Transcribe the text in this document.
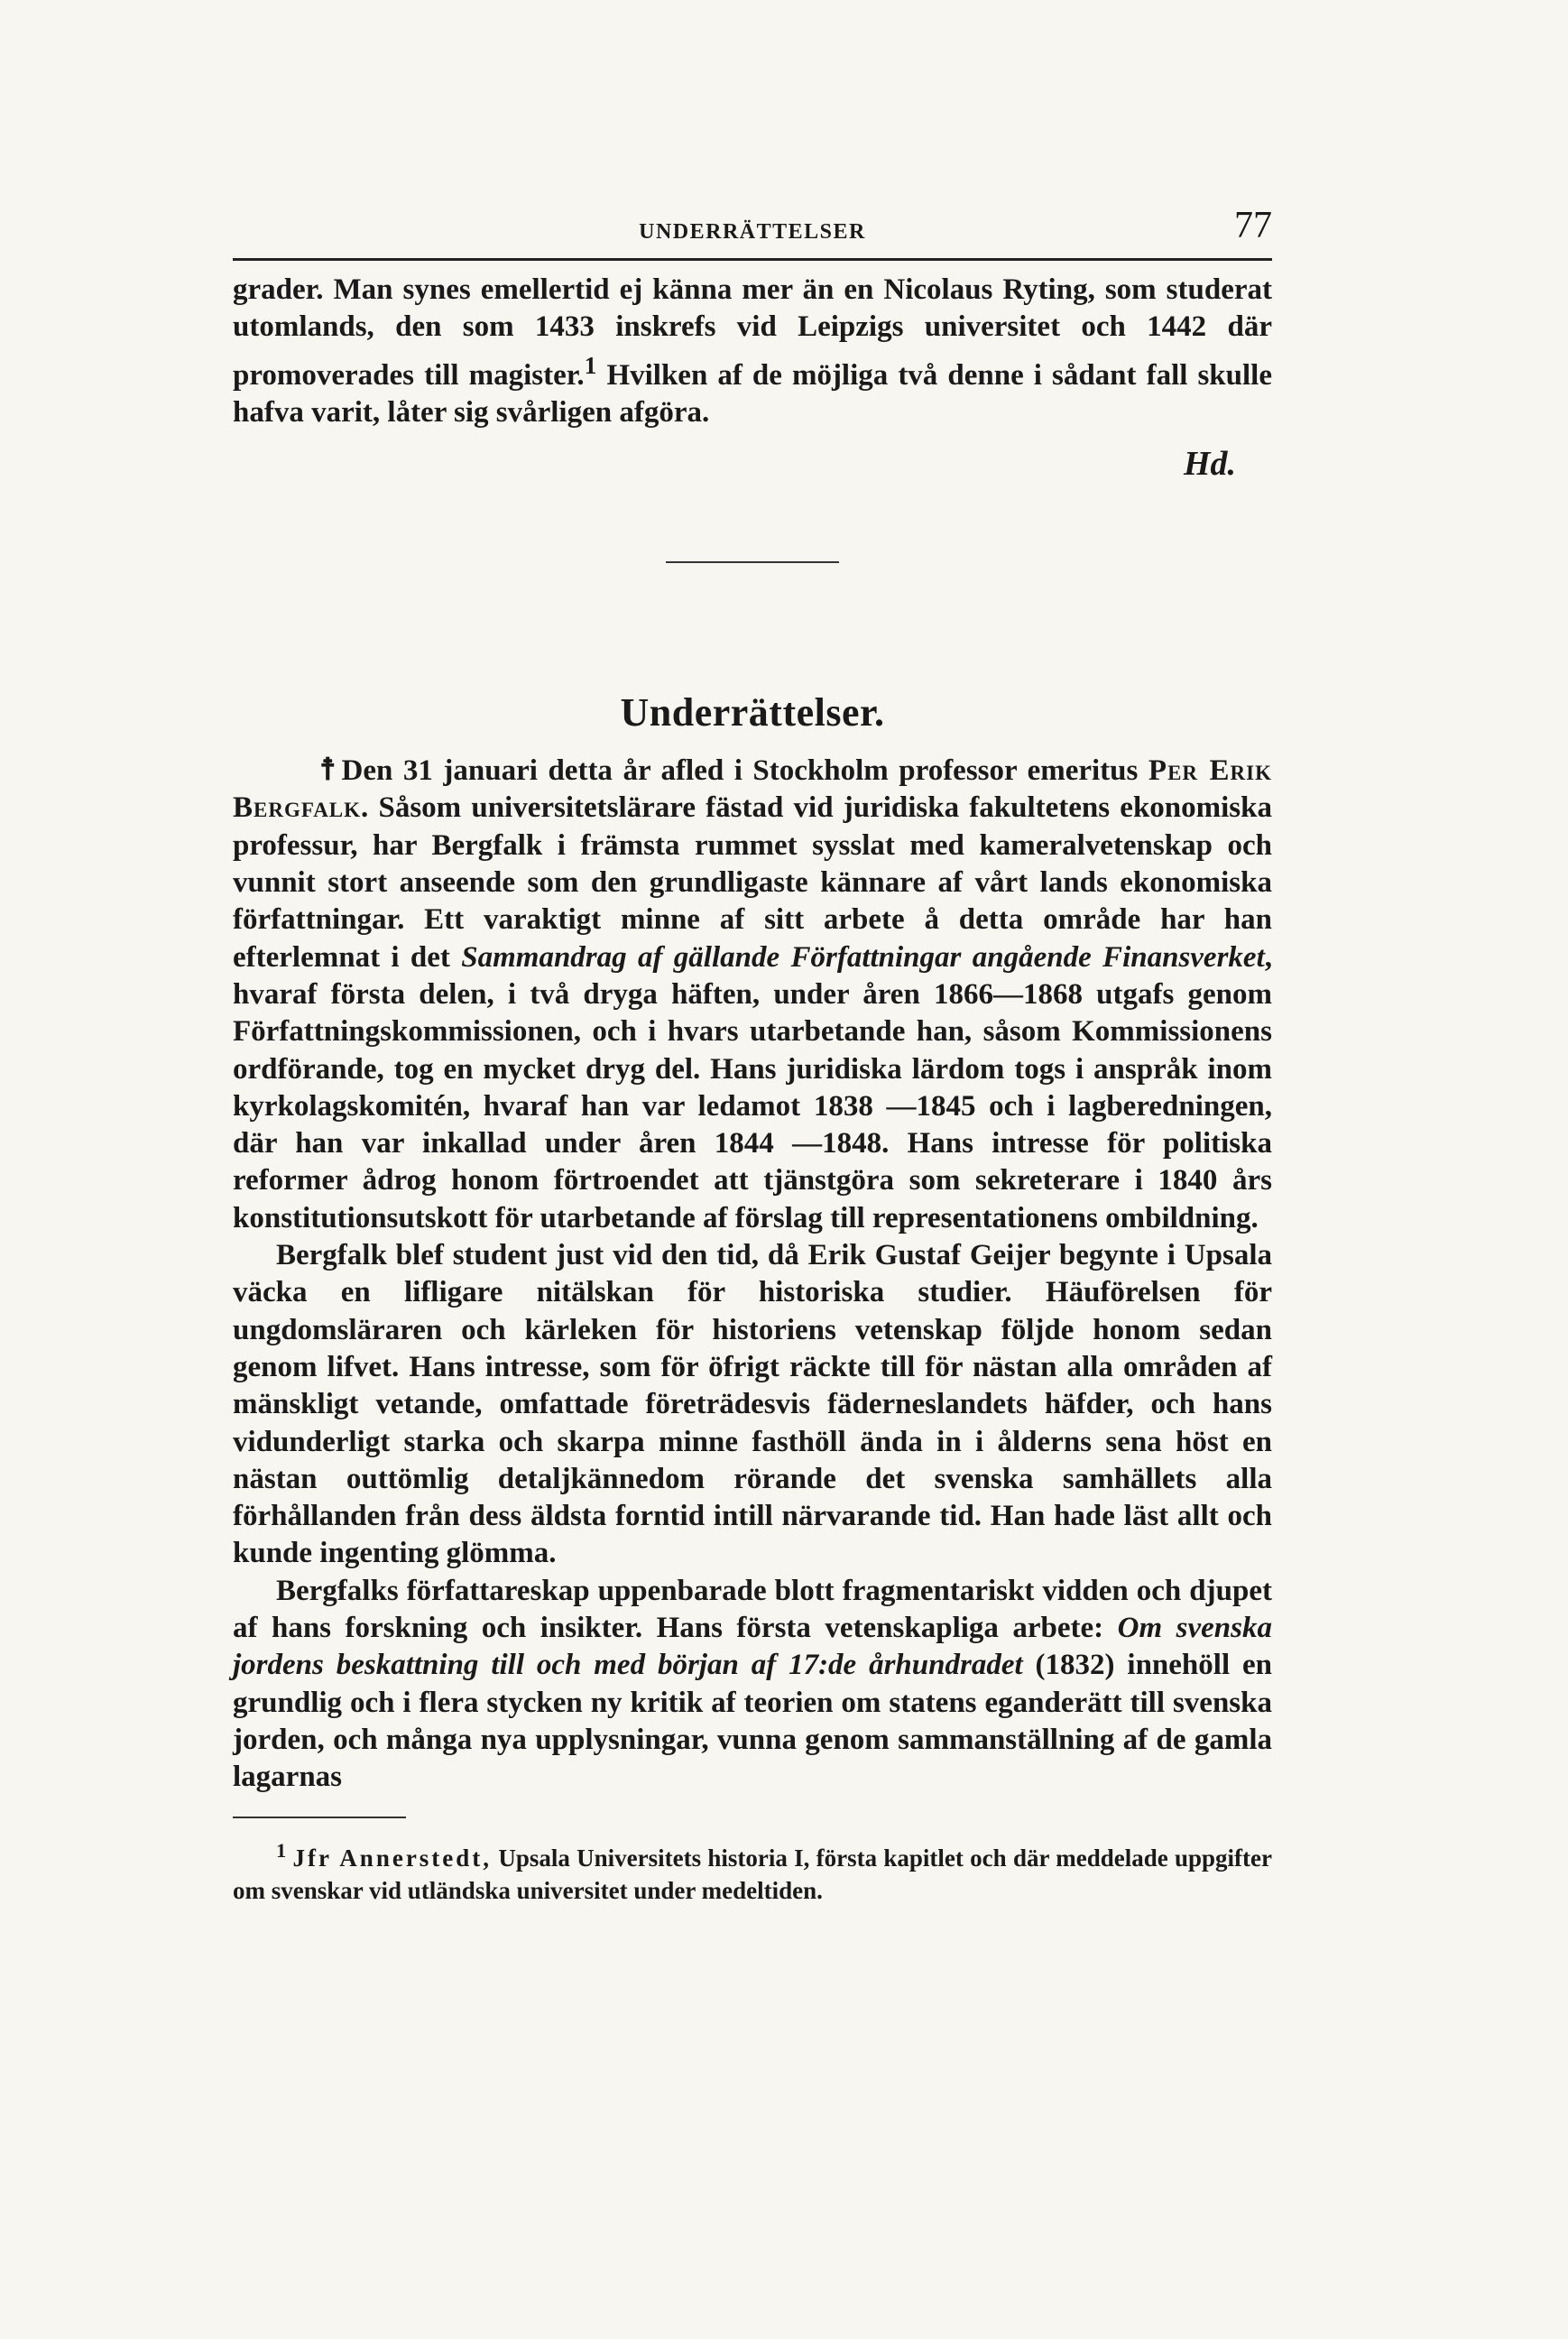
UNDERRÄTTELSER	77

grader. Man synes emellertid ej känna mer än en Nicolaus Ryting, som studerat utomlands, den som 1433 inskrefs vid Leipzigs universitet och 1442 där promoverades till magister.$^1$ Hvilken af de möjliga två denne i sådant fall skulle hafva varit, låter sig svårligen afgöra.

Hd.
Underrättelser.

☨ Den 31 januari detta år afled i Stockholm professor emeritus Per Erik Bergfalk. Såsom universitetslärare fästad vid juridiska fakultetens ekonomiska professur, har Bergfalk i främsta rummet sysslat med kameralvetenskap och vunnit stort anseende som den grundligaste kännare af vårt lands ekonomiska författningar. Ett varaktigt minne af sitt arbete å detta område har han efterlemnat i det Sammandrag af gällande Författningar angående Finansverket, hvaraf första delen, i två dryga häften, under åren 1866—1868 utgafs genom Författningskommissionen, och i hvars utarbetande han, såsom Kommissionens ordförande, tog en mycket dryg del. Hans juridiska lärdom togs i anspråk inom kyrkolagskomitén, hvaraf han var ledamot 1838 —1845 och i lagberedningen, där han var inkallad under åren 1844 —1848. Hans intresse för politiska reformer ådrog honom förtroendet att tjänstgöra som sekreterare i 1840 års konstitutionsutskott för utarbetande af förslag till representationens ombildning.

Bergfalk blef student just vid den tid, då Erik Gustaf Geijer begynte i Upsala väcka en lifligare nitälskan för historiska studier. Häuförelsen för ungdomsläraren och kärleken för historiens vetenskap följde honom sedan genom lifvet. Hans intresse, som för öfrigt räckte till för nästan alla områden af mänskligt vetande, omfattade företrädesvis fäderneslandets häfder, och hans vidunderligt starka och skarpa minne fasthöll ända in i ålderns sena höst en nästan outtömlig detaljkännedom rörande det svenska samhällets alla förhållanden från dess äldsta forntid intill närvarande tid. Han hade läst allt och kunde ingenting glömma.

Bergfalks författareskap uppenbarade blott fragmentariskt vidden och djupet af hans forskning och insikter. Hans första vetenskapliga arbete: Om svenska jordens beskattning till och med början af 17:de århundradet (1832) innehöll en grundlig och i flera stycken ny kritik af teorien om statens eganderätt till svenska jorden, och många nya upplysningar, vunna genom sammanställning af de gamla lagarnas

$^1$ Jfr Annerstedt, Upsala Universitets historia I, första kapitlet och där meddelade uppgifter om svenskar vid utländska universitet under medeltiden.
